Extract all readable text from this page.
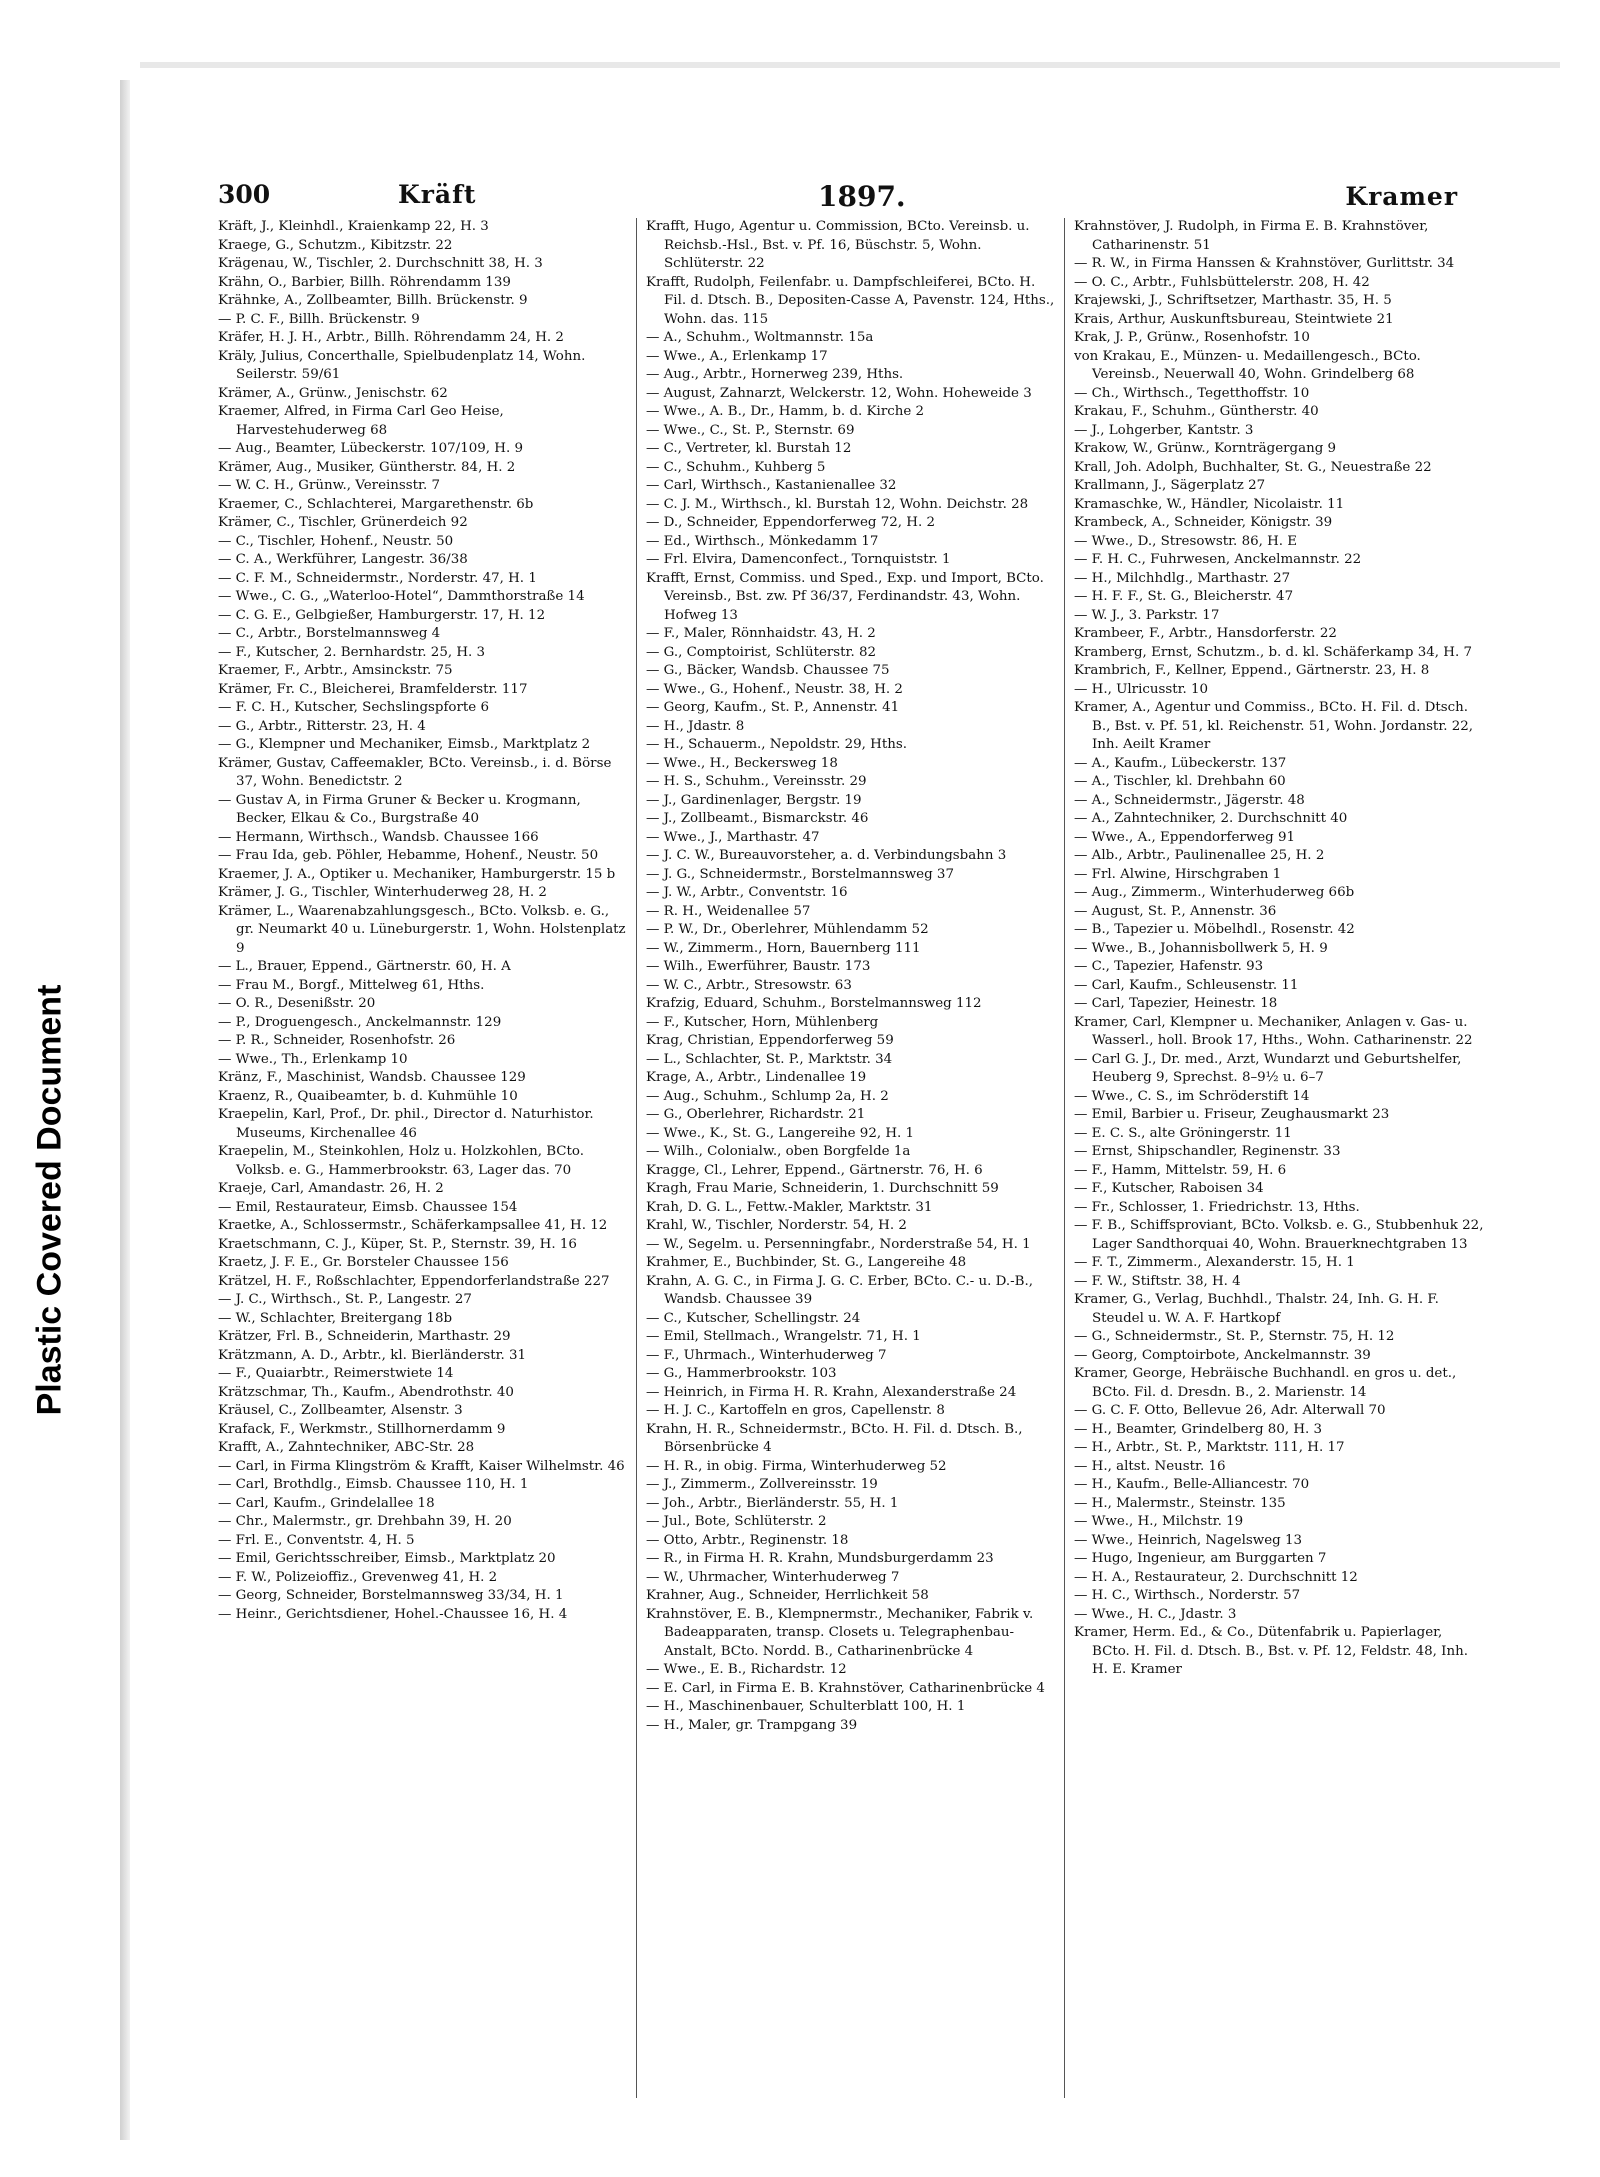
Plastic Covered Document
300	Kräft	1897.	Kramer

Kräft, J., Kleinhdl., Kraienkamp 22, H. 3

Kraege, G., Schutzm., Kibitzstr. 22

Krägenau, W., Tischler, 2. Durchschnitt 38, H. 3

Krähn, O., Barbier, Billh. Röhrendamm 139

Krähnke, A., Zollbeamter, Billh. Brückenstr. 9

— P. C. F., Billh. Brückenstr. 9

Kräfer, H. J. H., Arbtr., Billh. Röhrendamm 24, H. 2

Kräly, Julius, Concerthalle, Spielbudenplatz 14, Wohn. Seilerstr. 59/61

Krämer, A., Grünw., Jenischstr. 62

Kraemer, Alfred, in Firma Carl Geo Heise, Harvestehuderweg 68

— Aug., Beamter, Lübeckerstr. 107/109, H. 9

Krämer, Aug., Musiker, Güntherstr. 84, H. 2

— W. C. H., Grünw., Vereinsstr. 7

Kraemer, C., Schlachterei, Margarethenstr. 6b

Krämer, C., Tischler, Grünerdeich 92

— C., Tischler, Hohenf., Neustr. 50

— C. A., Werkführer, Langestr. 36/38

— C. F. M., Schneidermstr., Norderstr. 47, H. 1

— Wwe., C. G., „Waterloo-Hotel“, Dammthorstraße 14

— C. G. E., Gelbgießer, Hamburgerstr. 17, H. 12

— C., Arbtr., Borstelmannsweg 4

— F., Kutscher, 2. Bernhardstr. 25, H. 3

Kraemer, F., Arbtr., Amsinckstr. 75

Krämer, Fr. C., Bleicherei, Bramfelderstr. 117

— F. C. H., Kutscher, Sechslingspforte 6

— G., Arbtr., Ritterstr. 23, H. 4

— G., Klempner und Mechaniker, Eimsb., Marktplatz 2

Krämer, Gustav, Caffeemakler, BCto. Vereinsb., i. d. Börse 37, Wohn. Benedictstr. 2

— Gustav A, in Firma Gruner & Becker u. Krogmann, Becker, Elkau & Co., Burgstraße 40

— Hermann, Wirthsch., Wandsb. Chaussee 166

— Frau Ida, geb. Pöhler, Hebamme, Hohenf., Neustr. 50

Kraemer, J. A., Optiker u. Mechaniker, Hamburgerstr. 15 b

Krämer, J. G., Tischler, Winterhuderweg 28, H. 2

Krämer, L., Waarenabzahlungsgesch., BCto. Volksb. e. G., gr. Neumarkt 40 u. Lüneburgerstr. 1, Wohn. Holstenplatz 9

— L., Brauer, Eppend., Gärtnerstr. 60, H. A

— Frau M., Borgf., Mittelweg 61, Hths.

— O. R., Desenißstr. 20

— P., Droguengesch., Anckelmannstr. 129

— P. R., Schneider, Rosenhofstr. 26

— Wwe., Th., Erlenkamp 10

Kränz, F., Maschinist, Wandsb. Chaussee 129

Kraenz, R., Quaibeamter, b. d. Kuhmühle 10

Kraepelin, Karl, Prof., Dr. phil., Director d. Naturhistor. Museums, Kirchenallee 46

Kraepelin, M., Steinkohlen, Holz u. Holzkohlen, BCto. Volksb. e. G., Hammerbrookstr. 63, Lager das. 70

Kraeje, Carl, Amandastr. 26, H. 2

— Emil, Restaurateur, Eimsb. Chaussee 154

Kraetke, A., Schlossermstr., Schäferkampsallee 41, H. 12

Kraetschmann, C. J., Küper, St. P., Sternstr. 39, H. 16

Kraetz, J. F. E., Gr. Borsteler Chaussee 156

Krätzel, H. F., Roßschlachter, Eppendorferlandstraße 227

— J. C., Wirthsch., St. P., Langestr. 27

— W., Schlachter, Breitergang 18b

Krätzer, Frl. B., Schneiderin, Marthastr. 29

Krätzmann, A. D., Arbtr., kl. Bierländerstr. 31

— F., Quaiarbtr., Reimerstwiete 14

Krätzschmar, Th., Kaufm., Abendrothstr. 40

Kräusel, C., Zollbeamter, Alsenstr. 3

Krafack, F., Werkmstr., Stillhornerdamm 9

Krafft, A., Zahntechniker, ABC-Str. 28

— Carl, in Firma Klingström & Krafft, Kaiser Wilhelmstr. 46

— Carl, Brothdlg., Eimsb. Chaussee 110, H. 1

— Carl, Kaufm., Grindelallee 18

— Chr., Malermstr., gr. Drehbahn 39, H. 20

— Frl. E., Conventstr. 4, H. 5

— Emil, Gerichtsschreiber, Eimsb., Marktplatz 20

— F. W., Polizeioffiz., Grevenweg 41, H. 2

— Georg, Schneider, Borstelmannsweg 33/34, H. 1

— Heinr., Gerichtsdiener, Hohel.-Chaussee 16, H. 4

Krafft, Hugo, Agentur u. Commission, BCto. Vereinsb. u. Reichsb.-Hsl., Bst. v. Pf. 16, Büschstr. 5, Wohn. Schlüterstr. 22

Krafft, Rudolph, Feilenfabr. u. Dampfschleiferei, BCto. H. Fil. d. Dtsch. B., Depositen-Casse A, Pavenstr. 124, Hths., Wohn. das. 115

— A., Schuhm., Woltmannstr. 15a

— Wwe., A., Erlenkamp 17

— Aug., Arbtr., Hornerweg 239, Hths.

— August, Zahnarzt, Welckerstr. 12, Wohn. Hoheweide 3

— Wwe., A. B., Dr., Hamm, b. d. Kirche 2

— Wwe., C., St. P., Sternstr. 69

— C., Vertreter, kl. Burstah 12

— C., Schuhm., Kuhberg 5

— Carl, Wirthsch., Kastanienallee 32

— C. J. M., Wirthsch., kl. Burstah 12, Wohn. Deichstr. 28

— D., Schneider, Eppendorferweg 72, H. 2

— Ed., Wirthsch., Mönkedamm 17

— Frl. Elvira, Damenconfect., Tornquiststr. 1

Krafft, Ernst, Commiss. und Sped., Exp. und Import, BCto. Vereinsb., Bst. zw. Pf 36/37, Ferdinandstr. 43, Wohn. Hofweg 13

— F., Maler, Rönnhaidstr. 43, H. 2

— G., Comptoirist, Schlüterstr. 82

— G., Bäcker, Wandsb. Chaussee 75

— Wwe., G., Hohenf., Neustr. 38, H. 2

— Georg, Kaufm., St. P., Annenstr. 41

— H., Jdastr. 8

— H., Schauerm., Nepoldstr. 29, Hths.

— Wwe., H., Beckersweg 18

— H. S., Schuhm., Vereinsstr. 29

— J., Gardinenlager, Bergstr. 19

— J., Zollbeamt., Bismarckstr. 46

— Wwe., J., Marthastr. 47

— J. C. W., Bureauvorsteher, a. d. Verbindungsbahn 3

— J. G., Schneidermstr., Borstelmannsweg 37

— J. W., Arbtr., Conventstr. 16

— R. H., Weidenallee 57

— P. W., Dr., Oberlehrer, Mühlendamm 52

— W., Zimmerm., Horn, Bauernberg 111

— Wilh., Ewerführer, Baustr. 173

— W. C., Arbtr., Stresowstr. 63

Krafzig, Eduard, Schuhm., Borstelmannsweg 112

— F., Kutscher, Horn, Mühlenberg

Krag, Christian, Eppendorferweg 59

— L., Schlachter, St. P., Marktstr. 34

Krage, A., Arbtr., Lindenallee 19

— Aug., Schuhm., Schlump 2a, H. 2

— G., Oberlehrer, Richardstr. 21

— Wwe., K., St. G., Langereihe 92, H. 1

— Wilh., Colonialw., oben Borgfelde 1a

Kragge, Cl., Lehrer, Eppend., Gärtnerstr. 76, H. 6

Kragh, Frau Marie, Schneiderin, 1. Durchschnitt 59

Krah, D. G. L., Fettw.-Makler, Marktstr. 31

Krahl, W., Tischler, Norderstr. 54, H. 2

— W., Segelm. u. Persenningfabr., Norderstraße 54, H. 1

Krahmer, E., Buchbinder, St. G., Langereihe 48

Krahn, A. G. C., in Firma J. G. C. Erber, BCto. C.- u. D.-B., Wandsb. Chaussee 39

— C., Kutscher, Schellingstr. 24

— Emil, Stellmach., Wrangelstr. 71, H. 1

— F., Uhrmach., Winterhuderweg 7

— G., Hammerbrookstr. 103

— Heinrich, in Firma H. R. Krahn, Alexanderstraße 24

— H. J. C., Kartoffeln en gros, Capellenstr. 8

Krahn, H. R., Schneidermstr., BCto. H. Fil. d. Dtsch. B., Börsenbrücke 4

— H. R., in obig. Firma, Winterhuderweg 52

— J., Zimmerm., Zollvereinsstr. 19

— Joh., Arbtr., Bierländerstr. 55, H. 1

— Jul., Bote, Schlüterstr. 2

— Otto, Arbtr., Reginenstr. 18

— R., in Firma H. R. Krahn, Mundsburgerdamm 23

— W., Uhrmacher, Winterhuderweg 7

Krahner, Aug., Schneider, Herrlichkeit 58

Krahnstöver, E. B., Klempnermstr., Mechaniker, Fabrik v. Badeapparaten, transp. Closets u. Telegraphenbau-Anstalt, BCto. Nordd. B., Catharinenbrücke 4

— Wwe., E. B., Richardstr. 12

— E. Carl, in Firma E. B. Krahnstöver, Catharinenbrücke 4

— H., Maschinenbauer, Schulterblatt 100, H. 1

— H., Maler, gr. Trampgang 39

Krahnstöver, J. Rudolph, in Firma E. B. Krahnstöver, Catharinenstr. 51

— R. W., in Firma Hanssen & Krahnstöver, Gurlittstr. 34

— O. C., Arbtr., Fuhlsbüttelerstr. 208, H. 42

Krajewski, J., Schriftsetzer, Marthastr. 35, H. 5

Krais, Arthur, Auskunftsbureau, Steintwiete 21

Krak, J. P., Grünw., Rosenhofstr. 10

von Krakau, E., Münzen- u. Medaillengesch., BCto. Vereinsb., Neuerwall 40, Wohn. Grindelberg 68

— Ch., Wirthsch., Tegetthoffstr. 10

Krakau, F., Schuhm., Güntherstr. 40

— J., Lohgerber, Kantstr. 3

Krakow, W., Grünw., Kornträgergang 9

Krall, Joh. Adolph, Buchhalter, St. G., Neuestraße 22

Krallmann, J., Sägerplatz 27

Kramaschke, W., Händler, Nicolaistr. 11

Krambeck, A., Schneider, Königstr. 39

— Wwe., D., Stresowstr. 86, H. E

— F. H. C., Fuhrwesen, Anckelmannstr. 22

— H., Milchhdlg., Marthastr. 27

— H. F. F., St. G., Bleicherstr. 47

— W. J., 3. Parkstr. 17

Krambeer, F., Arbtr., Hansdorferstr. 22

Kramberg, Ernst, Schutzm., b. d. kl. Schäferkamp 34, H. 7

Krambrich, F., Kellner, Eppend., Gärtnerstr. 23, H. 8

— H., Ulricusstr. 10

Kramer, A., Agentur und Commiss., BCto. H. Fil. d. Dtsch. B., Bst. v. Pf. 51, kl. Reichenstr. 51, Wohn. Jordanstr. 22, Inh. Aeilt Kramer

— A., Kaufm., Lübeckerstr. 137

— A., Tischler, kl. Drehbahn 60

— A., Schneidermstr., Jägerstr. 48

— A., Zahntechniker, 2. Durchschnitt 40

— Wwe., A., Eppendorferweg 91

— Alb., Arbtr., Paulinenallee 25, H. 2

— Frl. Alwine, Hirschgraben 1

— Aug., Zimmerm., Winterhuderweg 66b

— August, St. P., Annenstr. 36

— B., Tapezier u. Möbelhdl., Rosenstr. 42

— Wwe., B., Johannisbollwerk 5, H. 9

— C., Tapezier, Hafenstr. 93

— Carl, Kaufm., Schleusenstr. 11

— Carl, Tapezier, Heinestr. 18

Kramer, Carl, Klempner u. Mechaniker, Anlagen v. Gas- u. Wasserl., holl. Brook 17, Hths., Wohn. Catharinenstr. 22

— Carl G. J., Dr. med., Arzt, Wundarzt und Geburtshelfer, Heuberg 9, Sprechst. 8–9½ u. 6–7

— Wwe., C. S., im Schröderstift 14

— Emil, Barbier u. Friseur, Zeughausmarkt 23

— E. C. S., alte Gröningerstr. 11

— Ernst, Shipschandler, Reginenstr. 33

— F., Hamm, Mittelstr. 59, H. 6

— F., Kutscher, Raboisen 34

— Fr., Schlosser, 1. Friedrichstr. 13, Hths.

— F. B., Schiffsproviant, BCto. Volksb. e. G., Stubbenhuk 22, Lager Sandthorquai 40, Wohn. Brauerknechtgraben 13

— F. T., Zimmerm., Alexanderstr. 15, H. 1

— F. W., Stiftstr. 38, H. 4

Kramer, G., Verlag, Buchhdl., Thalstr. 24, Inh. G. H. F. Steudel u. W. A. F. Hartkopf

— G., Schneidermstr., St. P., Sternstr. 75, H. 12

— Georg, Comptoirbote, Anckelmannstr. 39

Kramer, George, Hebräische Buchhandl. en gros u. det., BCto. Fil. d. Dresdn. B., 2. Marienstr. 14

— G. C. F. Otto, Bellevue 26, Adr. Alterwall 70

— H., Beamter, Grindelberg 80, H. 3

— H., Arbtr., St. P., Marktstr. 111, H. 17

— H., altst. Neustr. 16

— H., Kaufm., Belle-Alliancestr. 70

— H., Malermstr., Steinstr. 135

— Wwe., H., Milchstr. 19

— Wwe., Heinrich, Nagelsweg 13

— Hugo, Ingenieur, am Burggarten 7

— H. A., Restaurateur, 2. Durchschnitt 12

— H. C., Wirthsch., Norderstr. 57

— Wwe., H. C., Jdastr. 3

Kramer, Herm. Ed., & Co., Dütenfabrik u. Papierlager, BCto. H. Fil. d. Dtsch. B., Bst. v. Pf. 12, Feldstr. 48, Inh. H. E. Kramer
